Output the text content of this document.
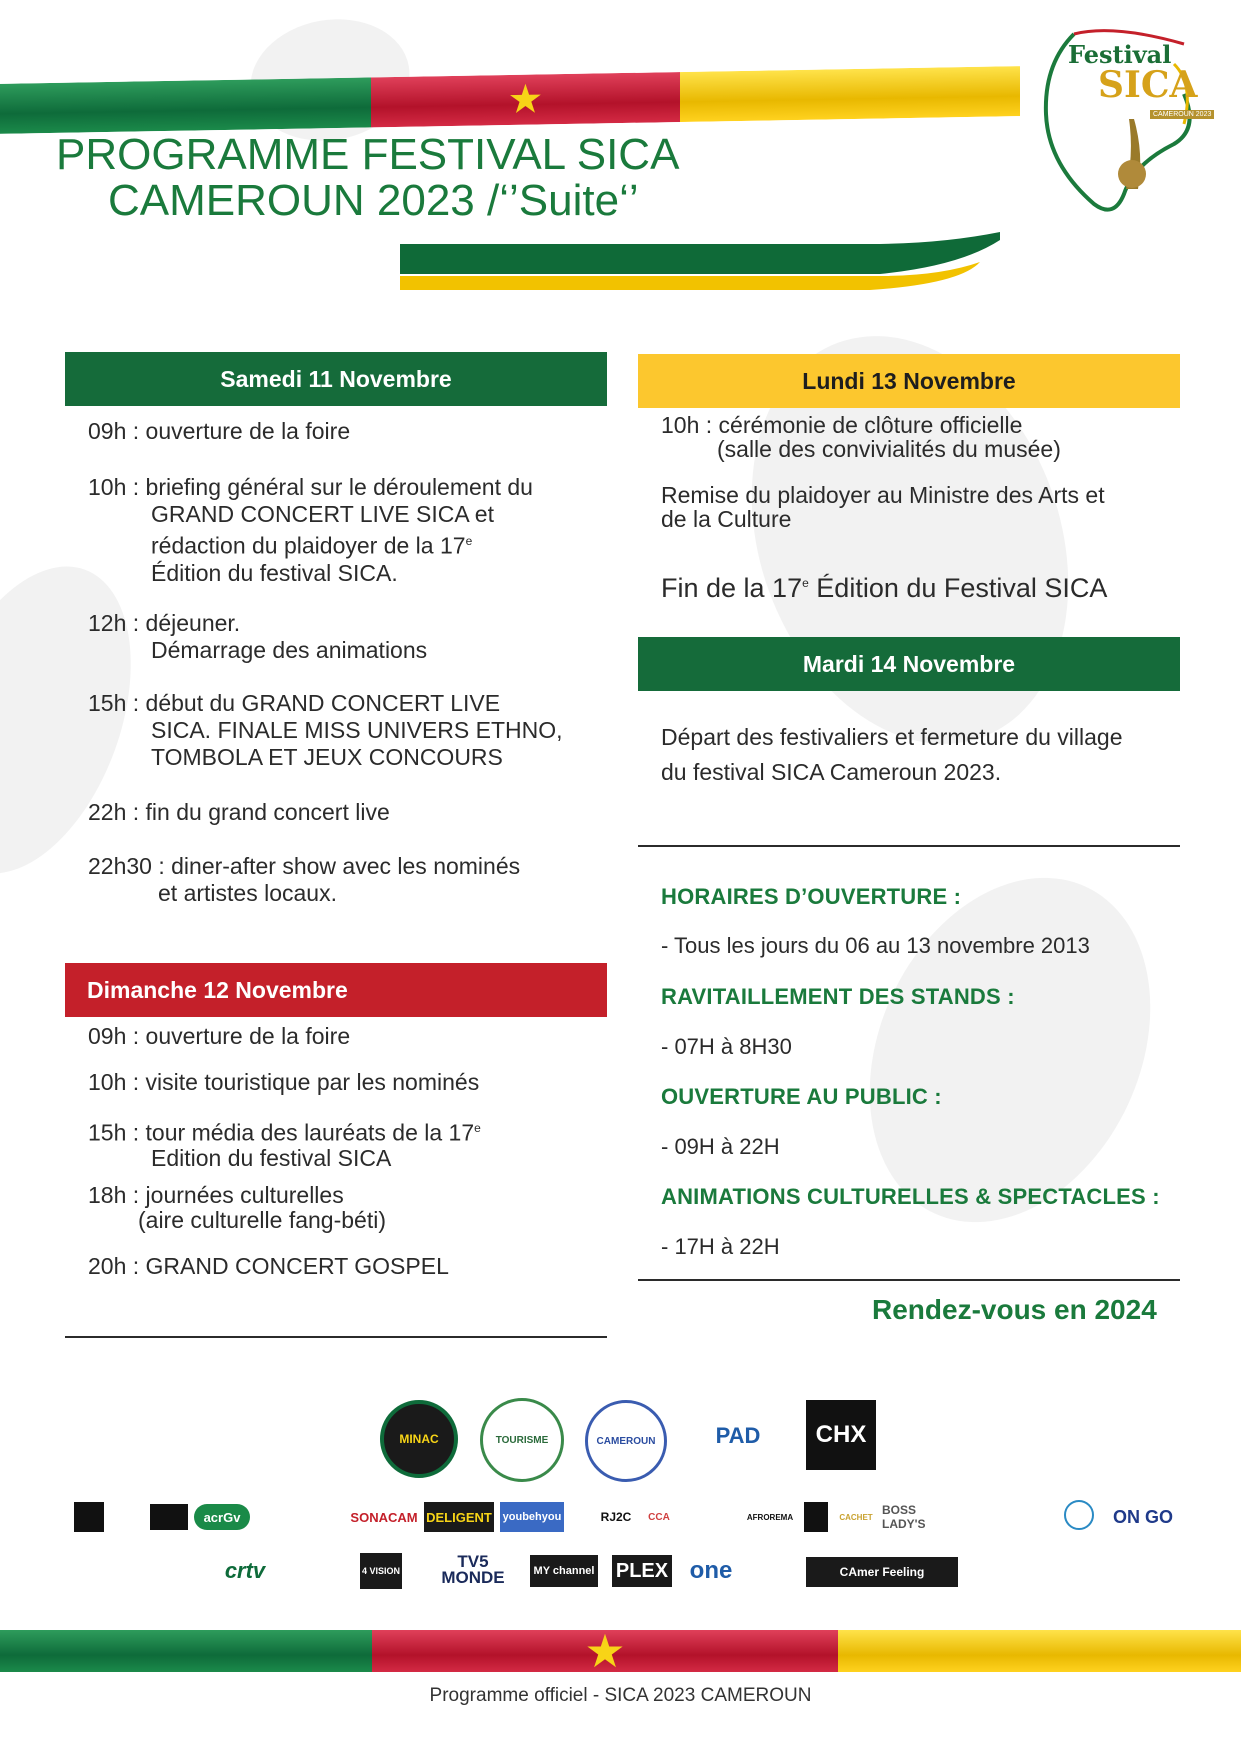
★
PROGRAMME FESTIVAL SICA
CAMEROUN 2023 /‘’Suite‘’
Festival
SICA
CAMEROUN 2023
Samedi 11 Novembre
09h : ouverture de la foire
10h : briefing général sur le déroulement du
GRAND CONCERT LIVE SICA et
rédaction du plaidoyer de la 17e
Édition du festival SICA.
12h : déjeuner.
Démarrage des animations
15h : début du GRAND CONCERT LIVE
SICA. FINALE MISS UNIVERS ETHNO,
TOMBOLA ET JEUX CONCOURS
22h : fin du grand concert live
22h30 : diner-after show avec les nominés
et artistes locaux.
Dimanche 12 Novembre
09h : ouverture de la foire
10h : visite touristique par les nominés
15h : tour média des lauréats de la 17e
Edition du festival SICA
18h : journées culturelles
(aire culturelle fang-béti)
20h : GRAND CONCERT GOSPEL
Lundi 13 Novembre
10h : cérémonie de clôture officielle
(salle des convivialités du musée)
Remise du plaidoyer au Ministre des Arts et
de la Culture
Fin de la 17e Édition du Festival SICA
Mardi 14 Novembre
Départ des festivaliers et fermeture du village
du festival SICA Cameroun 2023.
HORAIRES D’OUVERTURE :
- Tous les jours du 06 au 13 novembre 2013
RAVITAILLEMENT DES STANDS :
- 07H à 8H30
OUVERTURE AU PUBLIC :
- 09H à 22H
ANIMATIONS CULTURELLES & SPECTACLES :
- 17H à 22H
Rendez-vous en 2024
MINAC	TOURISME	CAMEROUN	PAD	CHX
acrGv	SONACAM DELIGENT youbehyou	RJ2C	CCA	AFROREMA	CACHET BOSS LADY'S	ON GO
crtv	4 VISION	TV5 MONDE	MY channel PLEX one	CAmer Feeling
★
Programme officiel - SICA 2023 CAMEROUN
